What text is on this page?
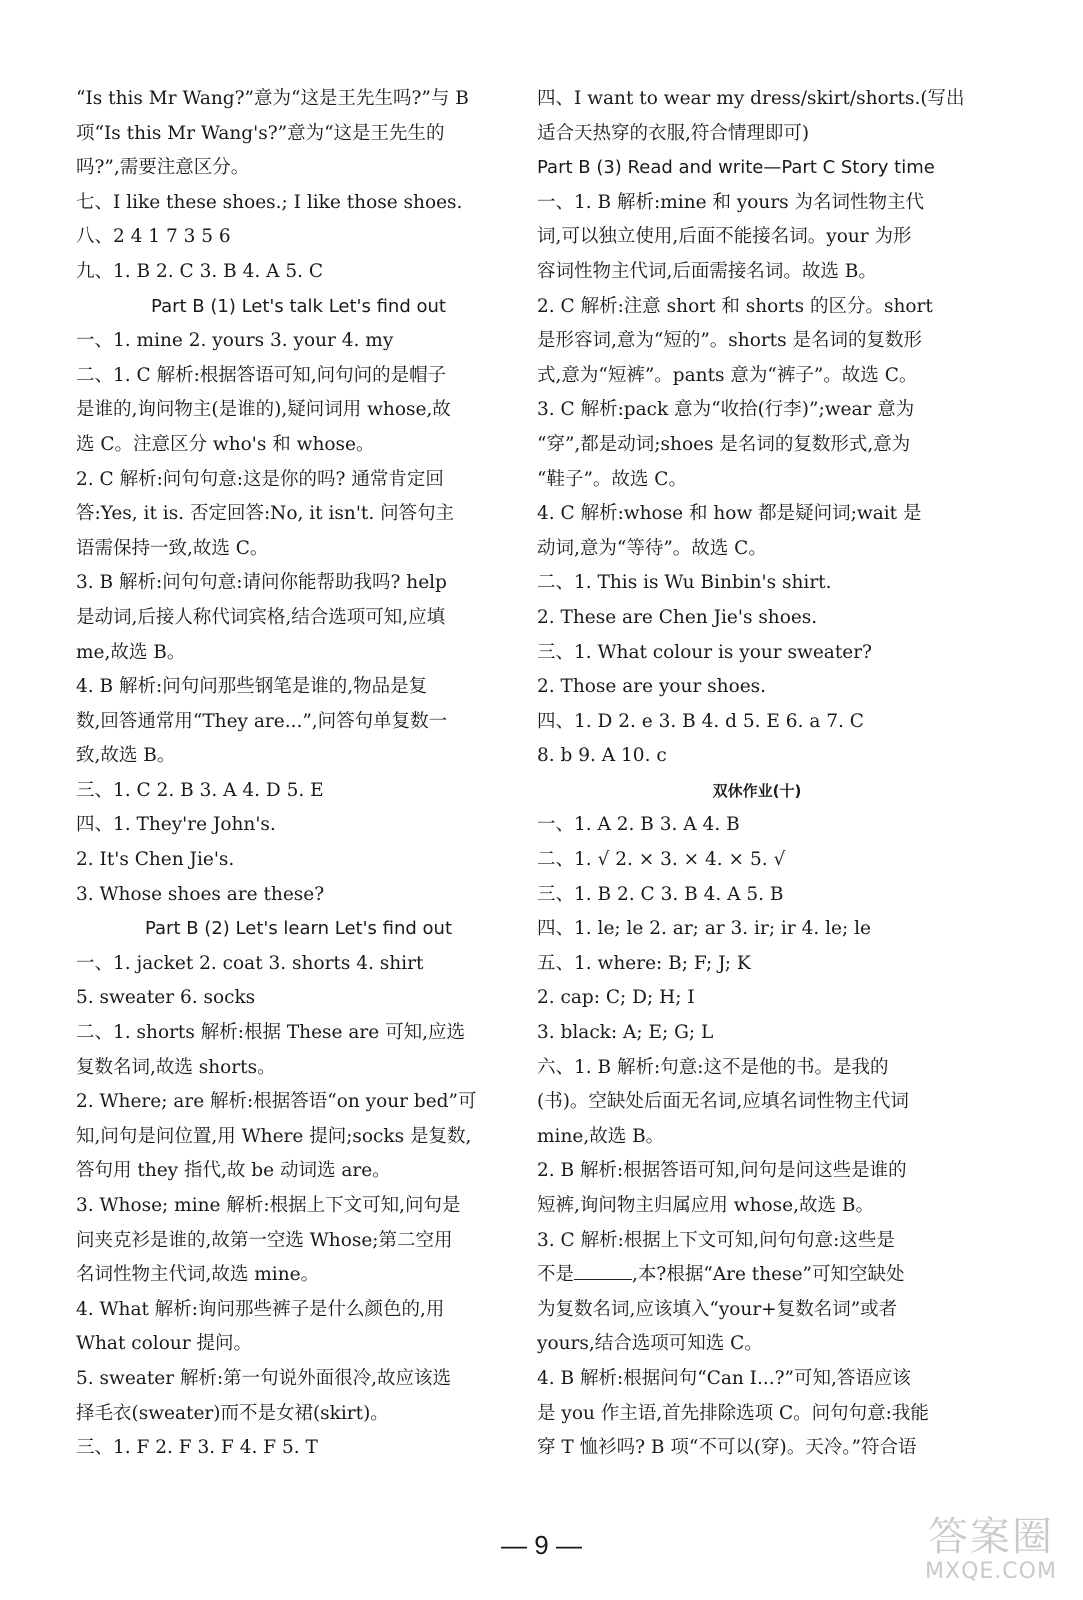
“Is this Mr Wang?”意为“这是王先生吗?”与 B
项“Is this Mr Wang's?”意为“这是王先生的
吗?”,需要注意区分。
七、I like these shoes.; I like those shoes.
八、2 4 1 7 3 5 6
九、1. B 2. C 3. B 4. A 5. C
Part B (1) Let's talk Let's find out
一、1. mine 2. yours 3. your 4. my
二、1. C 解析:根据答语可知,问句问的是帽子
是谁的,询问物主(是谁的),疑问词用 whose,故
选 C。注意区分 who's 和 whose。
2. C 解析:问句句意:这是你的吗? 通常肯定回
答:Yes, it is. 否定回答:No, it isn't. 问答句主
语需保持一致,故选 C。
3. B 解析:问句句意:请问你能帮助我吗? help
是动词,后接人称代词宾格,结合选项可知,应填
me,故选 B。
4. B 解析:问句问那些钢笔是谁的,物品是复
数,回答通常用“They are...”,问答句单复数一
致,故选 B。
三、1. C 2. B 3. A 4. D 5. E
四、1. They're John's.
2. It's Chen Jie's.
3. Whose shoes are these?
Part B (2) Let's learn Let's find out
一、1. jacket 2. coat 3. shorts 4. shirt
5. sweater 6. socks
二、1. shorts 解析:根据 These are 可知,应选
复数名词,故选 shorts。
2. Where; are 解析:根据答语“on your bed”可
知,问句是问位置,用 Where 提问;socks 是复数,
答句用 they 指代,故 be 动词选 are。
3. Whose; mine 解析:根据上下文可知,问句是
问夹克衫是谁的,故第一空选 Whose;第二空用
名词性物主代词,故选 mine。
4. What 解析:询问那些裤子是什么颜色的,用
What colour 提问。
5. sweater 解析:第一句说外面很冷,故应该选
择毛衣(sweater)而不是女裙(skirt)。
三、1. F 2. F 3. F 4. F 5. T
四、I want to wear my dress/skirt/shorts.(写出
适合天热穿的衣服,符合情理即可)
Part B (3) Read and write—Part C Story time
一、1. B 解析:mine 和 yours 为名词性物主代
词,可以独立使用,后面不能接名词。your 为形
容词性物主代词,后面需接名词。故选 B。
2. C 解析:注意 short 和 shorts 的区分。short
是形容词,意为“短的”。shorts 是名词的复数形
式,意为“短裤”。pants 意为“裤子”。故选 C。
3. C 解析:pack 意为“收拾(行李)”;wear 意为
“穿”,都是动词;shoes 是名词的复数形式,意为
“鞋子”。故选 C。
4. C 解析:whose 和 how 都是疑问词;wait 是
动词,意为“等待”。故选 C。
二、1. This is Wu Binbin's shirt.
2. These are Chen Jie's shoes.
三、1. What colour is your sweater?
2. Those are your shoes.
四、1. D 2. e 3. B 4. d 5. E 6. a 7. C
8. b 9. A 10. c
双休作业(十)
一、1. A 2. B 3. A 4. B
二、1. √ 2. × 3. × 4. × 5. √
三、1. B 2. C 3. B 4. A 5. B
四、1. le; le 2. ar; ar 3. ir; ir 4. le; le
五、1. where: B; F; J; K
2. cap: C; D; H; I
3. black: A; E; G; L
六、1. B 解析:句意:这不是他的书。是我的
(书)。空缺处后面无名词,应填名词性物主代词
mine,故选 B。
2. B 解析:根据答语可知,问句是问这些是谁的
短裤,询问物主归属应用 whose,故选 B。
3. C 解析:根据上下文可知,问句句意:这些是
不是	,本?根据“Are these”可知空缺处
为复数名词,应该填入“your+复数名词”或者
yours,结合选项可知选 C。
4. B 解析:根据问句“Can I...?”可知,答语应该
是 you 作主语,首先排除选项 C。问句句意:我能
穿 T 恤衫吗? B 项“不可以(穿)。天冷。”符合语
— 9 —	答案圈
MXQE.COM
